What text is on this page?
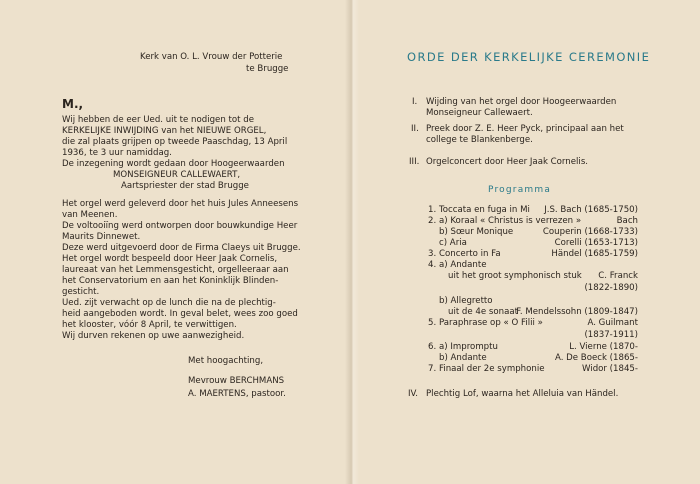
Kerk van O. L. Vrouw der Potterie
te Brugge
M.,
Wij hebben de eer Ued. uit te nodigen tot de
KERKELIJKE INWIJDING van het NIEUWE ORGEL,
die zal plaats grijpen op tweede Paaschdag, 13 April
1936, te 3 uur namiddag.
De inzegening wordt gedaan door Hoogeerwaarden
MONSEIGNEUR CALLEWAERT,
Aartspriester der stad Brugge
Het orgel werd geleverd door het huis Jules Anneesens
van Meenen.
De voltooiïng werd ontworpen door bouwkundige Heer
Maurits Dinnewet.
Deze werd uitgevoerd door de Firma Claeys uit Brugge.
Het orgel wordt bespeeld door Heer Jaak Cornelis,
laureaat van het Lemmensgesticht, orgelleeraar aan
het Conservatorium en aan het Koninklijk Blinden-
gesticht.
Ued. zijt verwacht op de lunch die na de plechtig-
heid aangeboden wordt. In geval belet, wees zoo goed
het klooster, vóór 8 April, te verwittigen.
Wij durven rekenen op uwe aanwezigheid.
Met hoogachting,
Mevrouw BERCHMANS
A. MAERTENS, pastoor.
ORDE DER KERKELIJKE CEREMONIE
I. Wijding van het orgel door Hoogeerwaarden
Monseigneur Callewaert.
II. Preek door Z. E. Heer Pyck, principaal aan het
college te Blankenberge.
III. Orgelconcert door Heer Jaak Cornelis.
Programma
1. Toccata en fuga in Mi J.S. Bach (1685-1750)
2. a) Koraal « Christus is verrezen »	Bach
b) Sœur Monique	Couperin (1668-1733)
c) Aria	Corelli (1653-1713)
3. Concerto in Fa	Händel (1685-1759)
4. a) Andante
uit het groot symphonisch stuk C. Franck
(1822-1890)
b) Allegretto
uit de 4e sonaat
F. Mendelssohn (1809-1847)
5. Paraphrase op « O Filii »	A. Guilmant
(1837-1911)
6. a) Impromptu	L. Vierne (1870-
b) Andante	A. De Boeck (1865-
7. Finaal der 2e symphonie	Widor (1845-
IV. Plechtig Lof, waarna het Alleluia van Händel.
